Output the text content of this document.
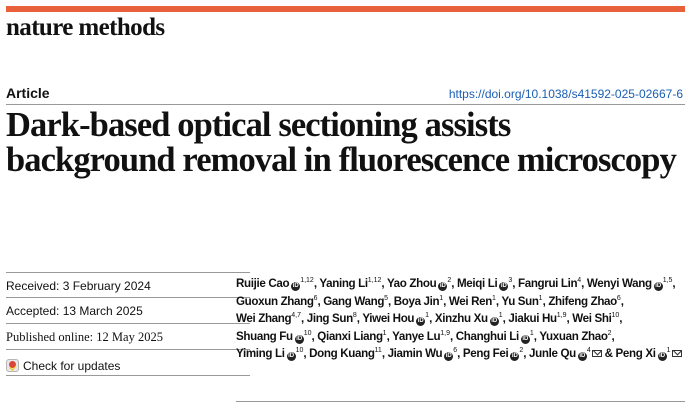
nature methods
Article	https://doi.org/10.1038/s41592-025-02667-6
Dark-based optical sectioning assists background removal in fluorescence microscopy
Received: 3 February 2024
Accepted: 13 March 2025
Published online: 12 May 2025
Check for updates
Ruijie Cao iD$^{1,12}$, Yaning Li$^{1,12}$, Yao Zhou $iD^2$, Meiqi Li $iD^3$, Fangrui Lin$^4$, Wenyi Wang iD$^{1,5}$, Guoxun Zhang$^6$, Gang Wang$^5$, Boya Jin$^1$, Wei Ren$^1$, Yu Sun$^1$, Zhifeng Zhao$^6$, Wei Zhang$^{4,7}$, Jing Sun$^8$, Yiwei Hou $iD^1$, Xinzhu Xu $iD^1$, Jiakui Hu$^{1,9}$, Wei Shi$^{10}$, Shuang Fu $iD^{10}$, Qianxi Liang$^1$, Yanye Lu$^{1,9}$, Changhui Li $iD^1$, Yuxuan Zhao$^2$, Yiming Li $iD^{10}$, Dong Kuang$^{11}$, Jiamin Wu $iD^6$, Peng Fei $iD^2$, Junle Qu $iD^4$ & Peng Xi $iD^1$
